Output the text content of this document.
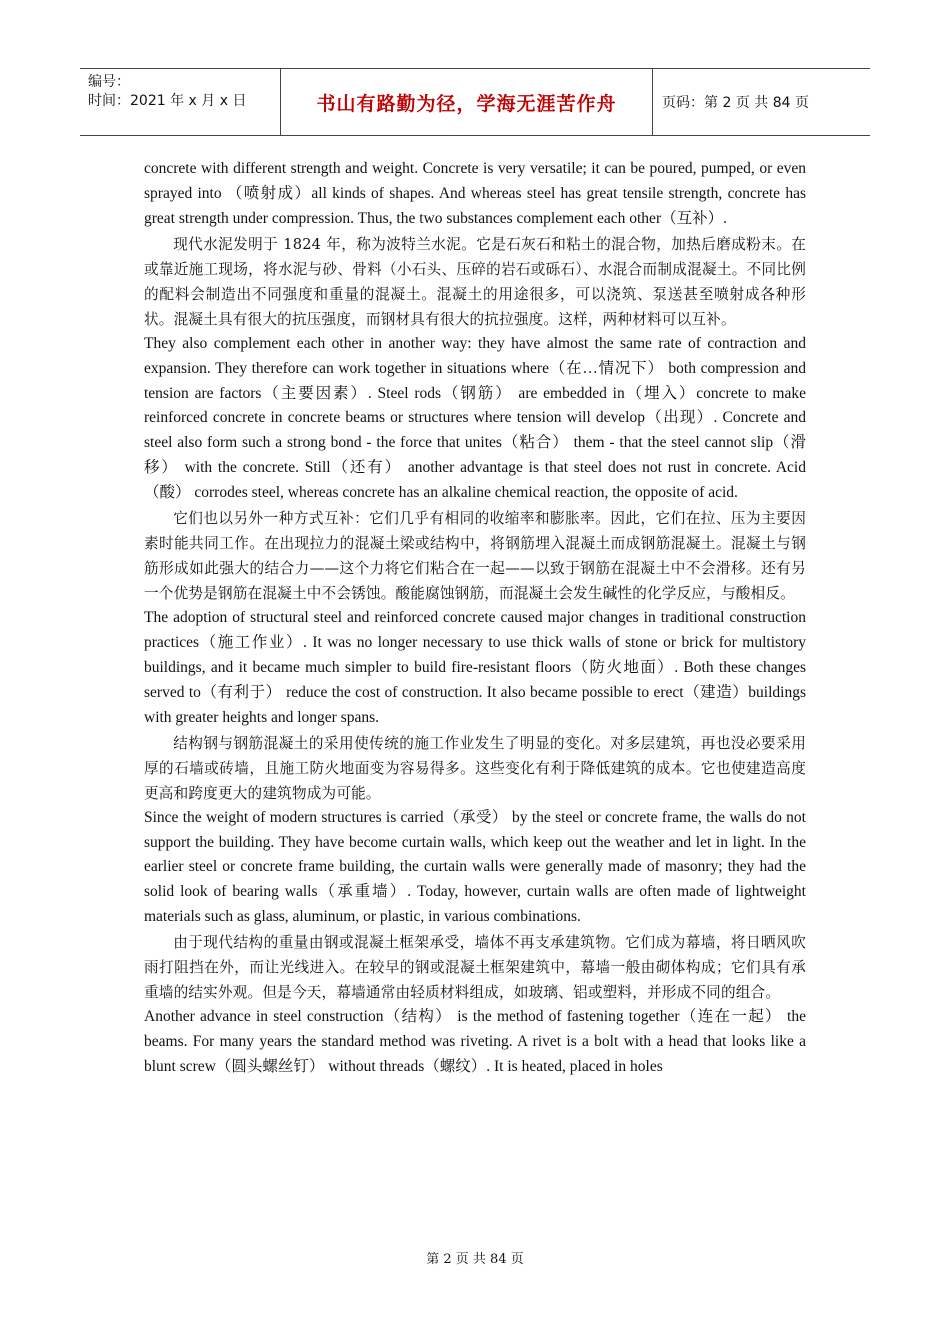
编号：
时间：2021 年 x 月 x 日	书山有路勤为径，学海无涯苦作舟	页码：第 2 页 共 84 页

concrete with different strength and weight. Concrete is very versatile; it can be poured, pumped, or even sprayed into （喷射成）all kinds of shapes. And whereas steel has great tensile strength, concrete has great strength under compression. Thus, the two substances complement each other（互补）.

现代水泥发明于 1824 年，称为波特兰水泥。它是石灰石和粘土的混合物，加热后磨成粉末。在或靠近施工现场，将水泥与砂、骨料（小石头、压碎的岩石或砾石）、水混合而制成混凝土。不同比例的配料会制造出不同强度和重量的混凝土。混凝土的用途很多，可以浇筑、泵送甚至喷射成各种形状。混凝土具有很大的抗压强度，而钢材具有很大的抗拉强度。这样，两种材料可以互补。

They also complement each other in another way: they have almost the same rate of contraction and expansion. They therefore can work together in situations where（在…情况下） both compression and tension are factors（主要因素）. Steel rods（钢筋） are embedded in（埋入）concrete to make reinforced concrete in concrete beams or structures where tension will develop（出现）. Concrete and steel also form such a strong bond - the force that unites（粘合） them - that the steel cannot slip（滑移） with the concrete. Still（还有） another advantage is that steel does not rust in concrete. Acid（酸） corrodes steel, whereas concrete has an alkaline chemical reaction, the opposite of acid.

它们也以另外一种方式互补：它们几乎有相同的收缩率和膨胀率。因此，它们在拉、压为主要因素时能共同工作。在出现拉力的混凝土梁或结构中，将钢筋埋入混凝土而成钢筋混凝土。混凝土与钢筋形成如此强大的结合力——这个力将它们粘合在一起——以致于钢筋在混凝土中不会滑移。还有另一个优势是钢筋在混凝土中不会锈蚀。酸能腐蚀钢筋，而混凝土会发生碱性的化学反应，与酸相反。

The adoption of structural steel and reinforced concrete caused major changes in traditional construction practices（施工作业）. It was no longer necessary to use thick walls of stone or brick for multistory buildings, and it became much simpler to build fire-resistant floors（防火地面）. Both these changes served to（有利于） reduce the cost of construction. It also became possible to erect（建造）buildings with greater heights and longer spans.

结构钢与钢筋混凝土的采用使传统的施工作业发生了明显的变化。对多层建筑，再也没必要采用厚的石墙或砖墙，且施工防火地面变为容易得多。这些变化有利于降低建筑的成本。它也使建造高度更高和跨度更大的建筑物成为可能。

Since the weight of modern structures is carried（承受） by the steel or concrete frame, the walls do not support the building. They have become curtain walls, which keep out the weather and let in light. In the earlier steel or concrete frame building, the curtain walls were generally made of masonry; they had the solid look of bearing walls（承重墙）. Today, however, curtain walls are often made of lightweight materials such as glass, aluminum, or plastic, in various combinations.

由于现代结构的重量由钢或混凝土框架承受，墙体不再支承建筑物。它们成为幕墙，将日晒风吹雨打阻挡在外，而让光线进入。在较早的钢或混凝土框架建筑中，幕墙一般由砌体构成；它们具有承重墙的结实外观。但是今天，幕墙通常由轻质材料组成，如玻璃、铝或塑料，并形成不同的组合。

Another advance in steel construction（结构） is the method of fastening together（连在一起） the beams. For many years the standard method was riveting. A rivet is a bolt with a head that looks like a blunt screw（圆头螺丝钉） without threads（螺纹）. It is heated, placed in holes

第 2 页 共 84 页
